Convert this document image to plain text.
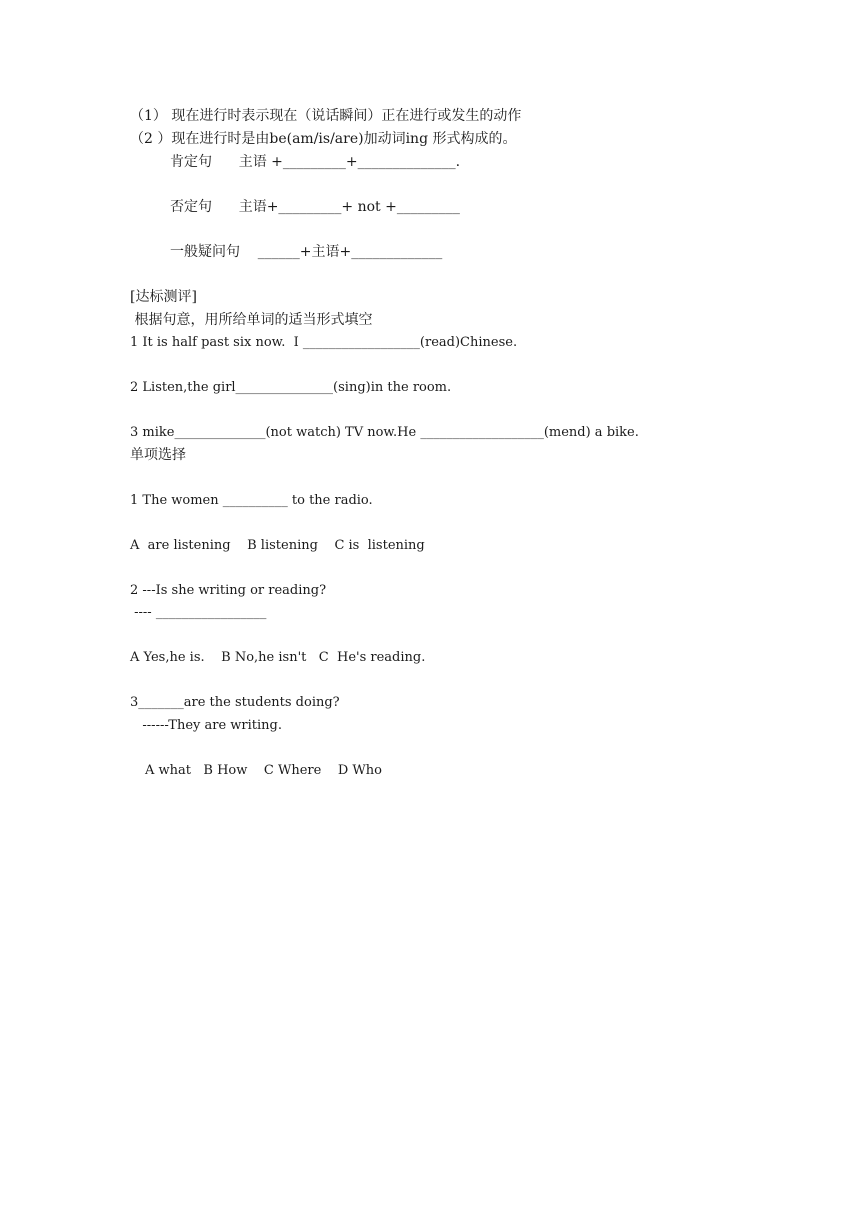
（1） 现在进行时表示现在（说话瞬间）正在进行或发生的动作
（2 ）现在进行时是由be(am/is/are)加动词ing 形式构成的。
肯定句      主语 +_________+______________.
否定句      主语+_________+ not +_________
一般疑问句    ______+主语+_____________
[达标测评]
根据句意，用所给单词的适当形式填空
1 It is half past six now.  I __________________(read)Chinese.
2 Listen,the girl_______________(sing)in the room.
3 mike______________(not watch) TV now.He ___________________(mend) a bike.
单项选择
1 The women __________ to the radio.
A  are listening    B listening    C is  listening
2 ---Is she writing or reading?
---- _________________
A Yes,he is.    B No,he isn't   C  He's reading.
3_______are the students doing?
------They are writing.
A what   B How    C Where    D Who
